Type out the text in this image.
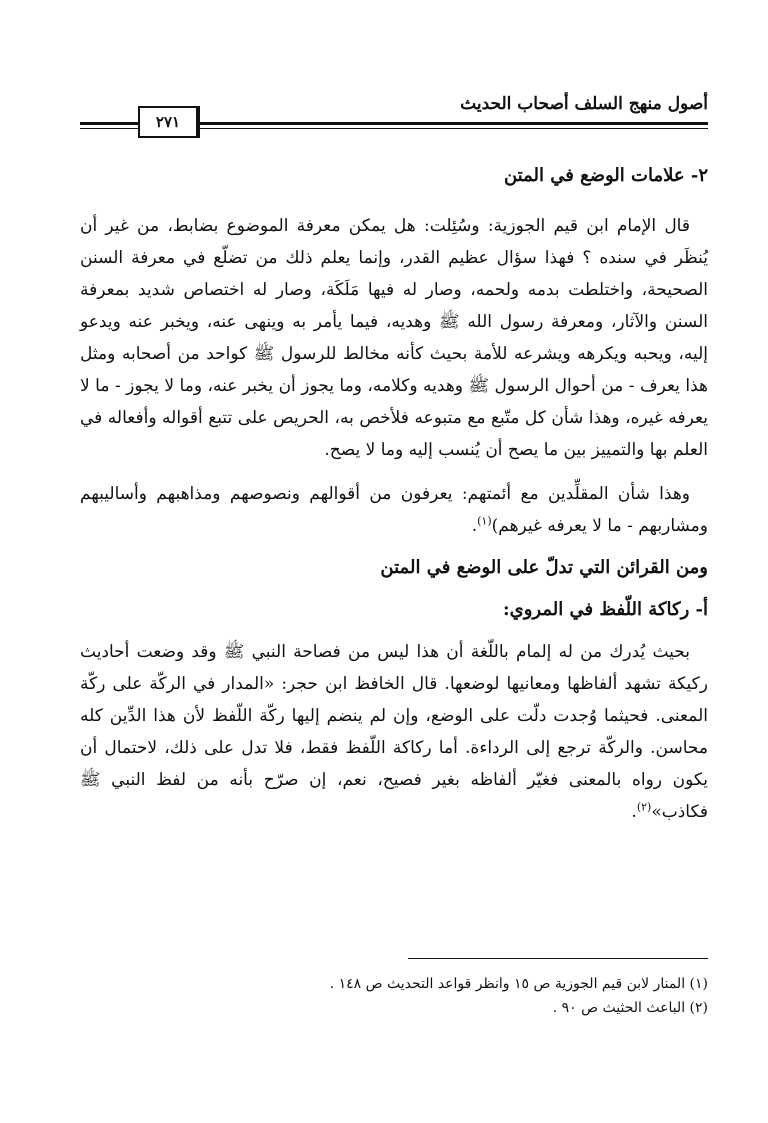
أصول منهج السلف أصحاب الحديث
٢٧١
٢- علامات الوضع في المتن

قال الإمام ابن قيم الجوزية: وسُئِلت: هل يمكن معرفة الموضوع بضابط، من غير أن يُنظَر في سنده ؟ فهذا سؤال عظيم القدر، وإنما يعلم ذلك من تضلّع في معرفة السنن الصحيحة، واختلطت بدمه ولحمه، وصار له فيها مَلَكَة، وصار له اختصاص شديد بمعرفة السنن والآثار، ومعرفة رسول الله ﷺ وهديه، فيما يأمر به وينهى عنه، ويخبر عنه ويدعو إليه، ويحبه ويكرهه ويشرعه للأمة بحيث كأنه مخالط للرسول ﷺ كواحد من أصحابه ومثل هذا يعرف - من أحوال الرسول ﷺ وهديه وكلامه، وما يجوز أن يخبر عنه، وما لا يجوز - ما لا يعرفه غيره، وهذا شأن كل متّبع مع متبوعه فلأخص به، الحريص على تتبع أقواله وأفعاله في العلم بها والتمييز بين ما يصح أن يُنسب إليه وما لا يصح.

وهذا شأن المقلِّدين مع أئمتهم: يعرفون من أقوالهم ونصوصهم ومذاهبهم وأساليبهم ومشاربهم - ما لا يعرفه غيرهم)$^{(١)}$.

ومن القرائن التي تدلّ على الوضع في المتن
أ- ركاكة اللّفظ في المروي:

بحيث يُدرك من له إلمام باللّغة أن هذا ليس من فصاحة النبي ﷺ وقد وضعت أحاديث ركيكة تشهد ألفاظها ومعانيها لوضعها. قال الخافظ ابن حجر: «المدار في الركّة على ركّة المعنى. فحيثما وُجدت دلّت على الوضع، وإن لم ينضم إليها ركّة اللّفظ لأن هذا الدِّين كله محاسن. والركّة ترجع إلى الرداءة. أما ركاكة اللّفظ فقط، فلا تدل على ذلك، لاحتمال أن يكون رواه بالمعنى فغيّر ألفاظه بغير فصيح، نعم، إن صرّح بأنه من لفظ النبي ﷺ فكاذب»$^{(٢)}$.

(١) المنار لابن قيم الجوزية ص ١٥ وانظر قواعد التحديث ص ١٤٨ .

(٢) الباعث الحثيث ص ٩٠ .
